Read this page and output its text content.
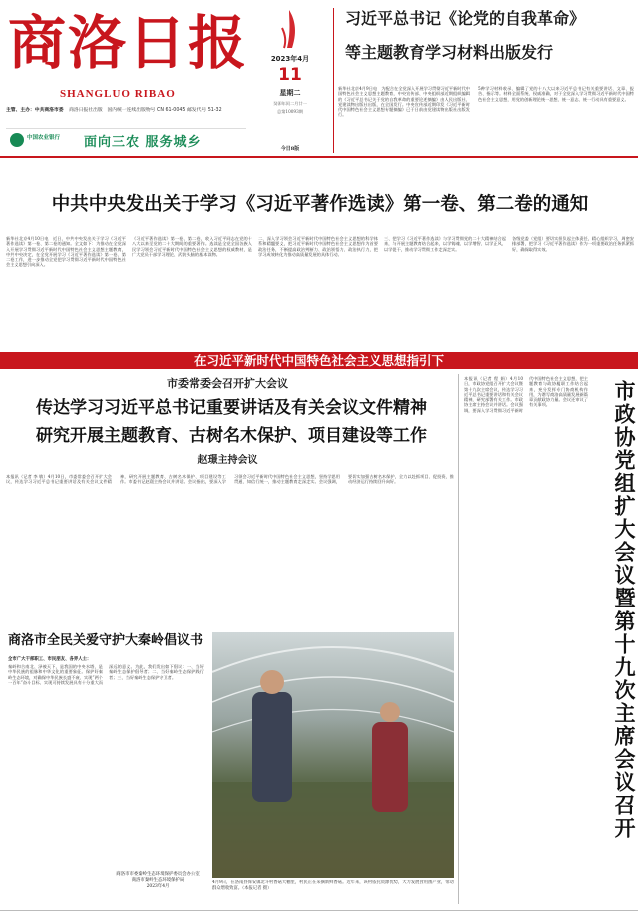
商洛日报
SHANGLUO RIBAO
主管、主办：中共商洛市委 商洛日报社出版　国内统一连续出版物号 CN 61-0045 邮发代号 51-32
中国农业银行 面向三农 服务城乡
2023年4月
11
星期二
癸卯年闰二月廿一
总第10093期
今日8版
习近平总书记《论党的自我革命》
等主题教育学习材料出版发行
新华社北京4月9日电　为配合在全党深入开展学习贯彻习近平新时代中国特色社会主义思想主题教育，中央宣传部、中央组织部近期组织编辑的《习近平总书记关于党的自我革命的重要论述摘编》由人民出版社、党建读物出版社出版，在全国发行。中央宣传部近期印发《习近平新时代中国特色社会主义思想专题摘编》已于日前由党建读物出版社出版发行。
5种学习材料收录、编辑了党的十八大以来习近平总书记有关重要讲话、文章、报告、指示等。材料全面系统、权威准确，对于全党深入学习贯彻习近平新时代中国特色社会主义思想，用党的创新理论统一思想、统一意志、统一行动具有重要意义。
中共中央发出关于学习《习近平著作选读》第一卷、第二卷的通知
新华社北京4月10日电　近日，中共中央发出关于学习《习近平著作选读》第一卷、第二卷的通知。全文如下：为推动在全党深入开展学习贯彻习近平新时代中国特色社会主义思想主题教育，中共中央决定，在全党开展学习《习近平著作选读》第一卷、第二卷工作，进一步推动全党把学习贯彻习近平新时代中国特色社会主义思想引向深入。
《习近平著作选读》第一卷、第二卷，收入习近平同志在党的十八大以来至党的二十大期间的重要著作。选读是全党全国各族人民学习领会习近平新时代中国特色社会主义思想的权威教材，是广大党员干部学习理论、武装头脑的基本读物。
二、深入学习领会习近平新时代中国特色社会主义思想的科学体系和精髓要义，把习近平新时代中国特色社会主义思想作为首要政治任务，不断提高政治判断力、政治领悟力、政治执行力，把学习成效转化为推动高质量发展的具体行动。
三、把学习《习近平著作选读》与学习贯彻党的二十大精神结合起来，与开展主题教育结合起来，以学铸魂、以学增智、以学正风、以学促干，推动学习贯彻工作走深走实。
各级党委（党组）要切实担负起主体责任，精心组织学习，周密安排部署，把学习《习近平著作选读》作为一项重要政治任务抓紧抓好，确保取得实效。
在习近平新时代中国特色社会主义思想指引下
市委常委会召开扩大会议
传达学习习近平总书记重要讲话及有关会议文件精神
研究开展主题教育、古树名木保护、项目建设等工作
赵璟主持会议
本报讯（记者 李 敏）4月10日，市委常委会召开扩大会议，传达学习习近平总书记重要讲话及有关会议文件精神，研究开展主题教育、古树名木保护、项目建设等工作。市委书记赵璟主持会议并讲话。会议指出，要深入学习领会习近平新时代中国特色社会主义思想，坚持学思用贯通、知信行统一，推动主题教育走深走实。会议强调，要切实加强古树名木保护，全力以赴抓项目、促投资，推动经济运行持续回升向好。
本报讯（记者 程 娟）4月10日，市政协党组召开扩大会议暨第十九次主席会议，传达学习习近平总书记重要讲话和有关会议精神，研究部署有关工作。市政协主席主持会议并讲话。会议强调，要深入学习贯彻习近平新时代中国特色社会主义思想，把主题教育与政协履职工作结合起来，充分发挥专门协商机构作用，为谱写商洛高质量发展新篇章贡献政协力量。会议还审议了有关事项。	市政协党组扩大会议暨第十九次主席会议召开
商洛市全民关爱守护大秦岭倡议书
全市广大干部职工、市民朋友、各界人士：
秦岭和合南北、泽被天下，是我国的中央水塔，是中华民族的祖脉和中华文化的重要象征。保护好秦岭生态环境，对确保中华民族长盛不衰、实现“两个一百年”奋斗目标、实现可持续发展具有十分重大而深远的意义。为此，我们发出如下倡议：一、当好秦岭生态保护倡导者；二、当好秦岭生态保护践行者；三、当好秦岭生态保护守卫者。
商洛市市委秦岭生态环境保护委员会办公室
商洛市秦岭生态环境保护局
2023年4月
4月9日，在洛南县保安镇北斗村香菇大棚里，村民正在采摘新鲜香菇。近年来，该村依托资源优势，大力发展食用菌产业，带动群众增收致富。（本报记者 摄）
